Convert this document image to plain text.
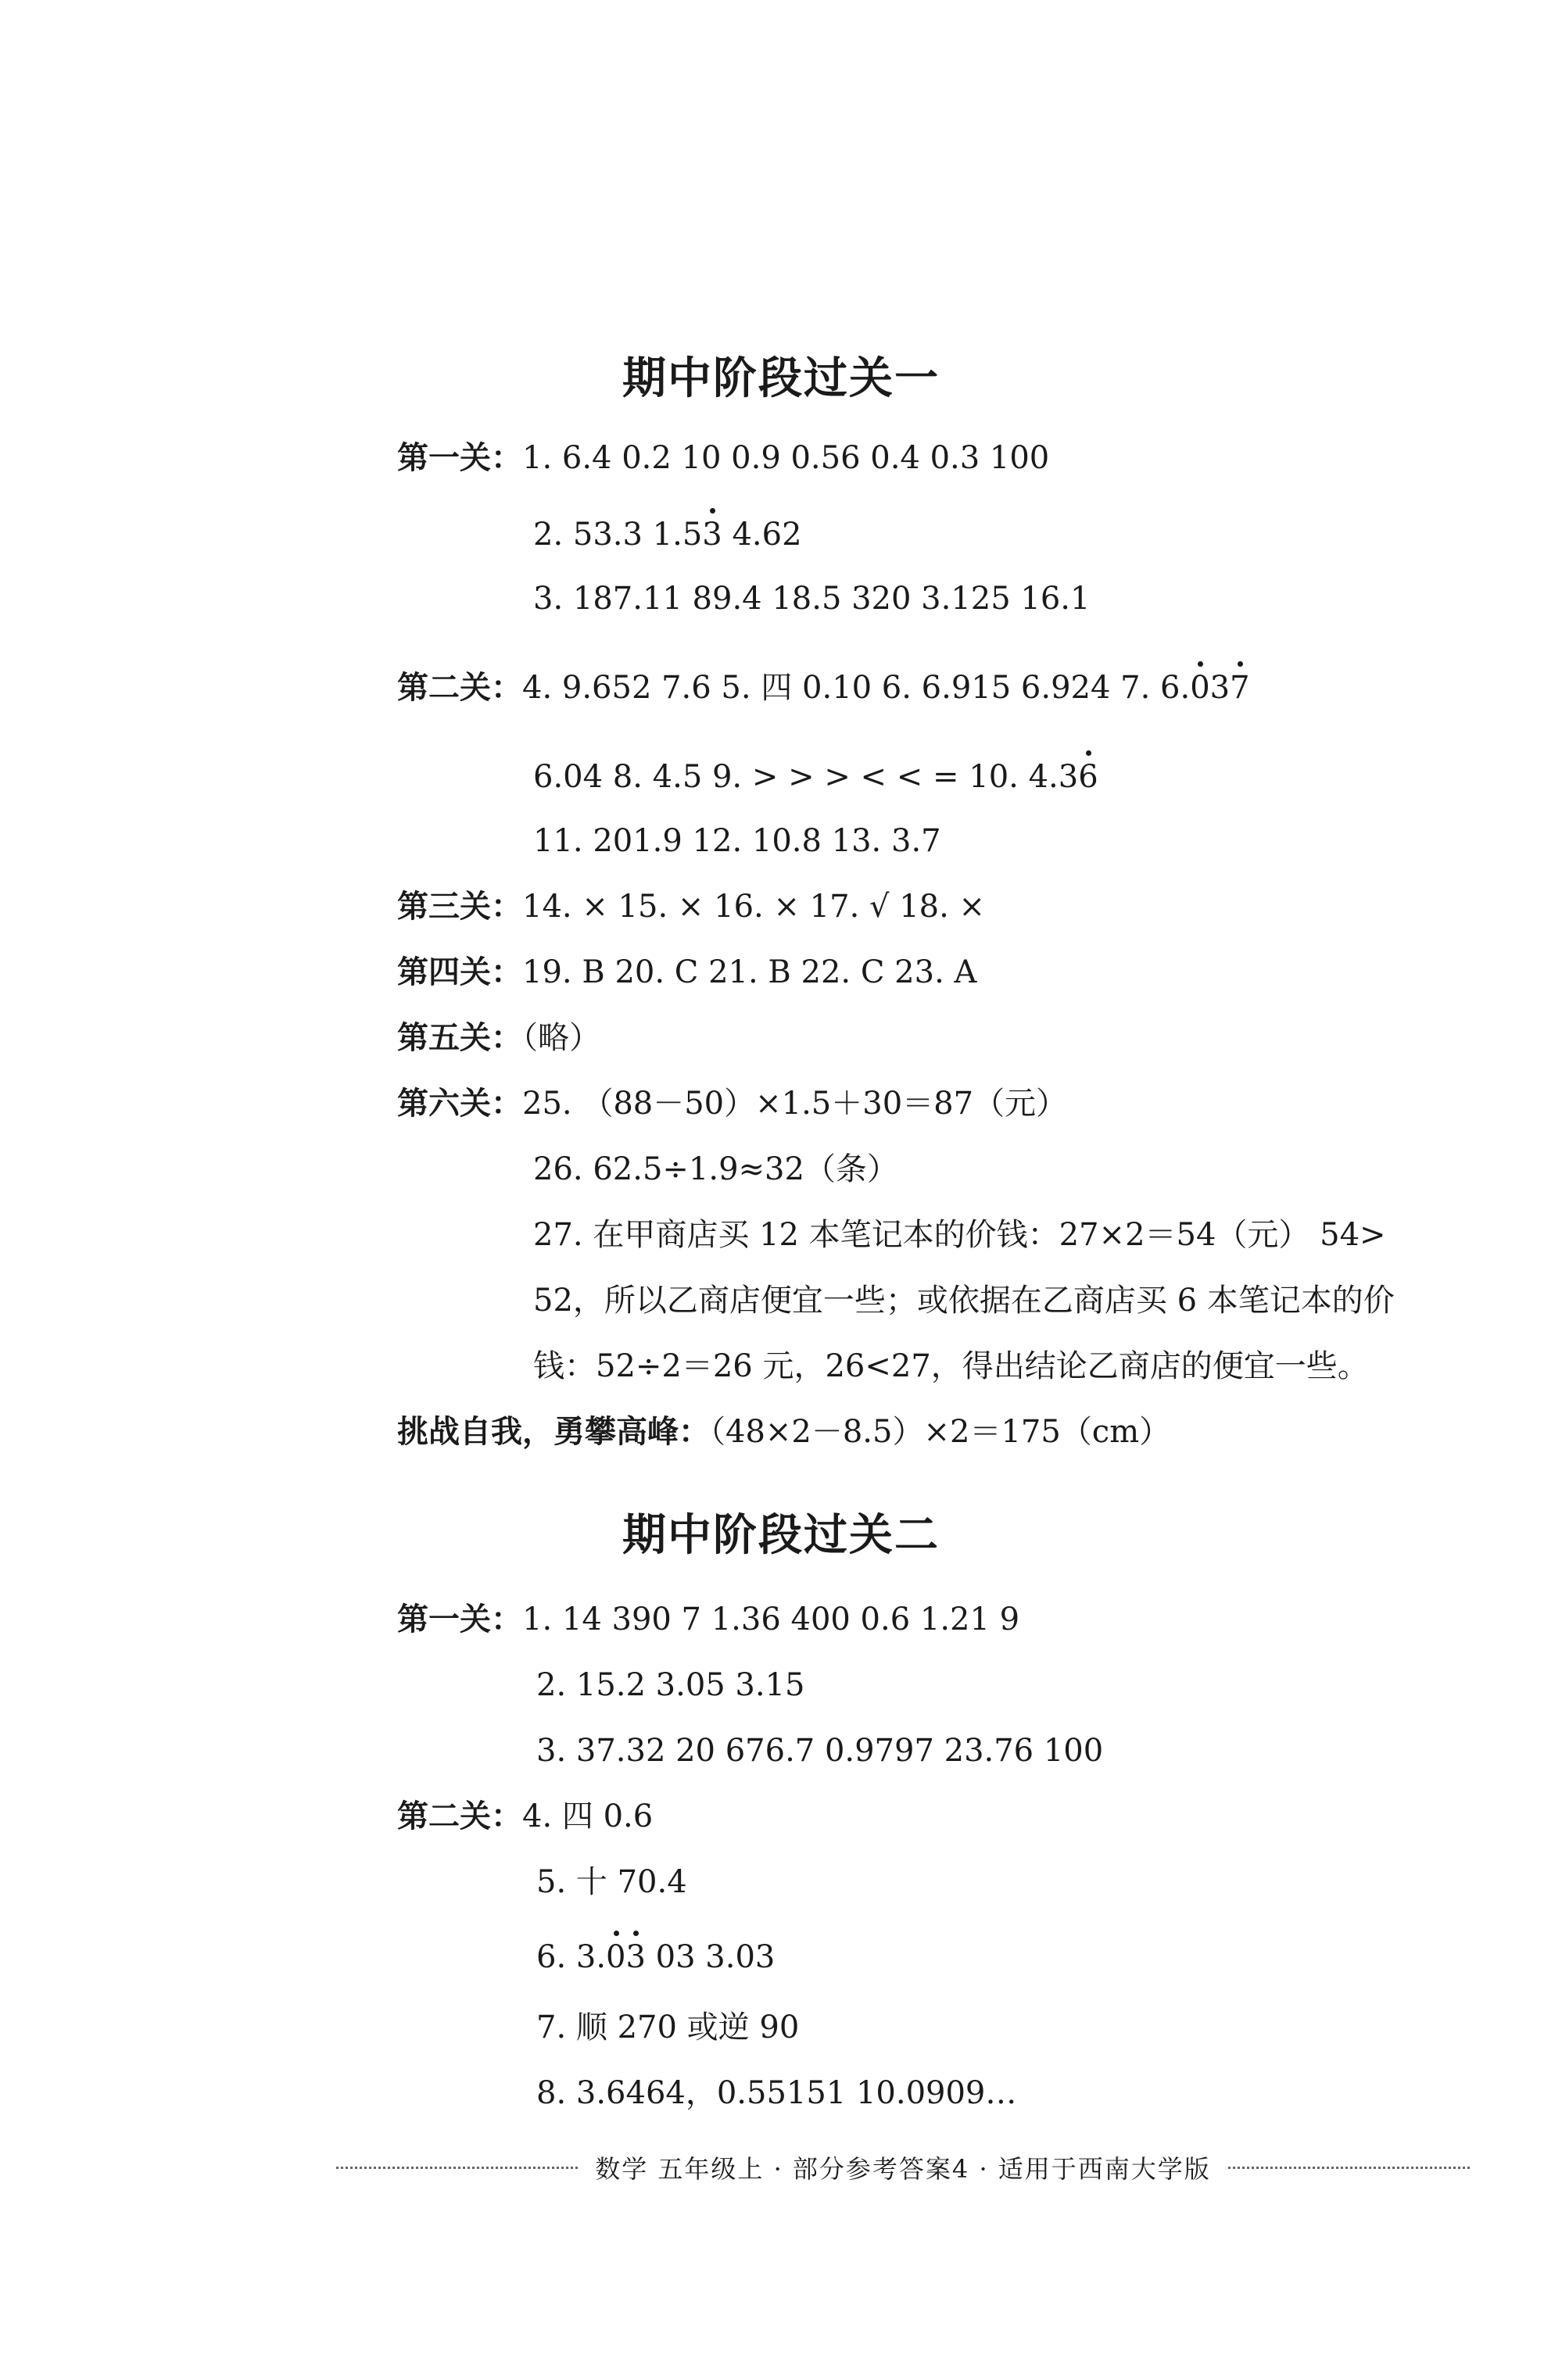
期中阶段过关一
第一关：1. 6.4 0.2 10 0.9 0.56 0.4 0.3 100
2. 53.3 1.53 4.62
3. 187.11 89.4 18.5 320 3.125 16.1
第二关：4. 9.652 7.6 5. 四 0.10 6. 6.915 6.924 7. 6.037
6.04 8. 4.5 9. > > > < < = 10. 4.36
11. 201.9 12. 10.8 13. 3.7
第三关：14. × 15. × 16. × 17. √ 18. ×
第四关：19. B 20. C 21. B 22. C 23. A
第五关：（略）
第六关：25. （88－50）×1.5＋30＝87（元）
26. 62.5÷1.9≈32（条）
27. 在甲商店买 12 本笔记本的价钱：27×2＝54（元） 54>
52，所以乙商店便宜一些；或依据在乙商店买 6 本笔记本的价
钱：52÷2＝26 元，26<27，得出结论乙商店的便宜一些。
挑战自我，勇攀高峰：（48×2－8.5）×2＝175（cm）
期中阶段过关二
第一关：1. 14 390 7 1.36 400 0.6 1.21 9
2. 15.2 3.05 3.15
3. 37.32 20 676.7 0.9797 23.76 100
第二关：4. 四 0.6
5. 十 70.4
6. 3.03 03 3.03
7. 顺 270 或逆 90
8. 3.6464，0.55151 10.0909…
数学 五年级上 · 部分参考答案4 · 适用于西南大学版
